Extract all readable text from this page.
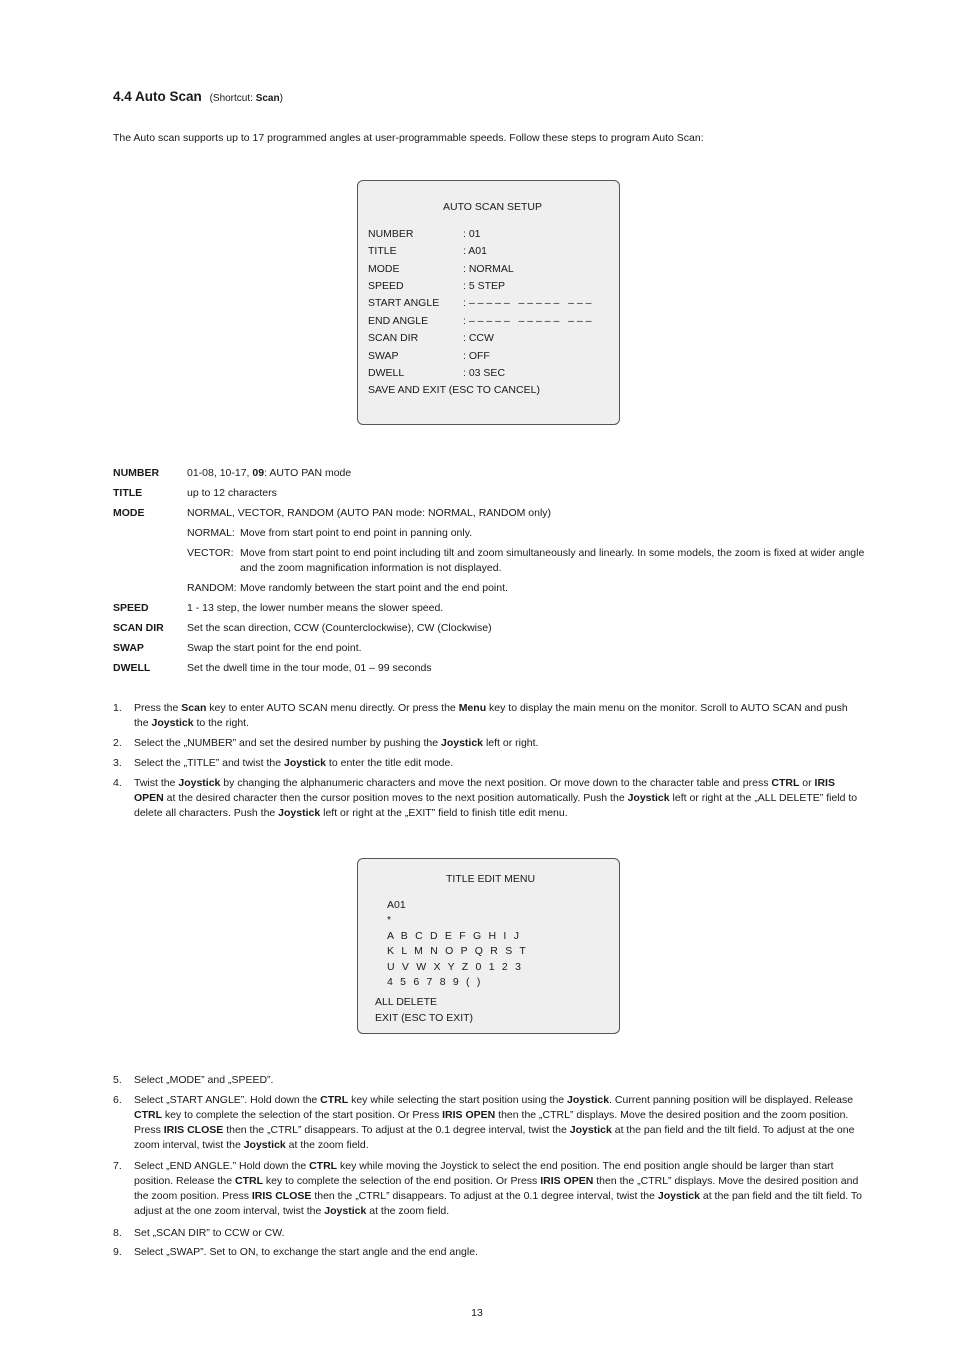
4.4 Auto Scan (Shortcut: Scan)
The Auto scan supports up to 17 programmed angles at user-programmable speeds. Follow these steps to program Auto Scan:
AUTO SCAN SETUP
NUMBER	: 01
TITLE	: A01
MODE	: NORMAL
SPEED	: 5 STEP
START ANGLE : – – – – –   – – – – –   – – –
END ANGLE	: – – – – –   – – – – –   – – –
SCAN DIR	: CCW
SWAP	: OFF
DWELL	: 03 SEC
SAVE AND EXIT (ESC TO CANCEL)
NUMBER	01-08, 10-17, 09: AUTO PAN mode
TITLE	up to 12 characters
MODE	NORMAL, VECTOR, RANDOM (AUTO PAN mode: NORMAL, RANDOM only)
NORMAL: Move from start point to end point in panning only.
VECTOR: Move from start point to end point including tilt and zoom simultaneously and linearly. In some models, the zoom is fixed at wider angle and the zoom magnification information is not displayed.
RANDOM: Move randomly between the start point and the end point.
SPEED	1 - 13 step, the lower number means the slower speed.
SCAN DIR Set the scan direction, CCW (Counterclockwise), CW (Clockwise)
SWAP	Swap the start point for the end point.
DWELL	Set the dwell time in the tour mode, 01 – 99 seconds
1. Press the Scan key to enter AUTO SCAN menu directly. Or press the Menu key to display the main menu on the monitor. Scroll to AUTO SCAN and push the Joystick to the right.
2. Select the „NUMBER” and set the desired number by pushing the Joystick left or right.
3. Select the „TITLE” and twist the Joystick to enter the title edit mode.
4. Twist the Joystick by changing the alphanumeric characters and move the next position. Or move down to the character table and press CTRL or IRIS OPEN at the desired character then the cursor position moves to the next position automatically. Push the Joystick left or right at the „ALL DELETE” field to delete all characters. Push the Joystick left or right at the „EXIT” field to finish title edit menu.
TITLE EDIT MENU
A01
*
A  B  C  D  E  F  G  H  I  J
K  L  M  N  O  P  Q  R  S  T
U  V  W  X  Y  Z  0  1  2  3
4  5  6  7  8  9  (  )
ALL DELETE
EXIT (ESC TO EXIT)
5. Select „MODE” and „SPEED”.
6. Select „START ANGLE”. Hold down the CTRL key while selecting the start position using the Joystick. Current panning position will be displayed. Release CTRL key to complete the selection of the start position. Or Press IRIS OPEN then the „CTRL” displays. Move the desired position and the zoom position. Press IRIS CLOSE then the „CTRL” disappears. To adjust at the 0.1 degree interval, twist the Joystick at the pan field and the tilt field. To adjust at the one zoom interval, twist the Joystick at the zoom field.
7. Select „END ANGLE.” Hold down the CTRL key while moving the Joystick to select the end position. The end position angle should be larger than start position. Release the CTRL key to complete the selection of the end position. Or Press IRIS OPEN then the „CTRL” displays. Move the desired position and the zoom position. Press IRIS CLOSE then the „CTRL” disappears. To adjust at the 0.1 degree interval, twist the Joystick at the pan field and the tilt field. To adjust at the one zoom interval, twist the Joystick at the zoom field.
8. Set „SCAN DIR” to CCW or CW.
9. Select „SWAP”. Set to ON, to exchange the start angle and the end angle.
13
